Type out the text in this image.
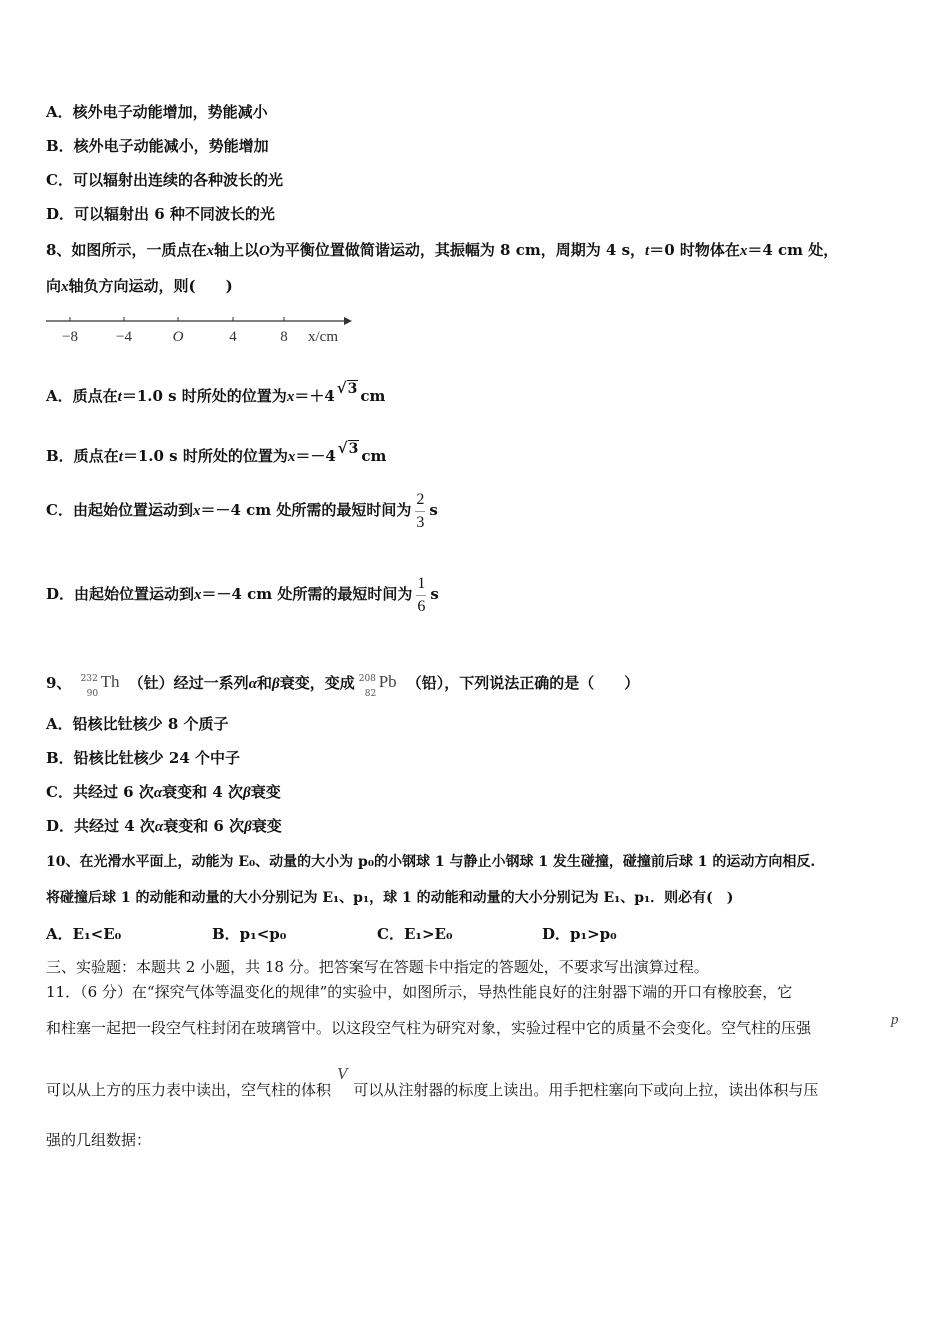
A．核外电子动能增加，势能减小
B．核外电子动能减小，势能增加
C．可以辐射出连续的各种波长的光
D．可以辐射出 6 种不同波长的光
8、如图所示，一质点在x轴上以O为平衡位置做简谐运动，其振幅为 8 cm，周期为 4 s，t＝0 时物体在x＝4 cm 处，
向x轴负方向运动，则(　　)
−8	−4	O	4	8 x/cm
A．质点在t＝1.0 s 时所处的位置为x＝＋4 √3 cm
B．质点在t＝1.0 s 时所处的位置为x＝－4 √3 cm
C．由起始位置运动到x＝－4 cm 处所需的最短时间为 $\frac{2}{3}$ s
D．由起始位置运动到x＝－4 cm 处所需的最短时间为 $\frac{1}{6}$ s
9、 232
90
Th （钍）经过一系列α和β衰变，变成 208
82
Pb （铅），下列说法正确的是（　　）
A．铅核比钍核少 8 个质子
B．铅核比钍核少 24 个中子
C．共经过 6 次α衰变和 4 次β衰变
D．共经过 4 次α衰变和 6 次β衰变
10、在光滑水平面上，动能为 E₀、动量的大小为 p₀的小钢球 1 与静止小钢球 1 发生碰撞，碰撞前后球 1 的运动方向相反.
将碰撞后球 1 的动能和动量的大小分别记为 E₁、p₁，球 1 的动能和动量的大小分别记为 E₁、p₁．则必有(　)
A．E₁<E₀	B．p₁<p₀	C．E₁>E₀	D．p₁>p₀
三、实验题：本题共 2 小题，共 18 分。把答案写在答题卡中指定的答题处，不要求写出演算过程。
11．（6 分）在“探究气体等温变化的规律”的实验中，如图所示，导热性能良好的注射器下端的开口有橡胶套，它
和柱塞一起把一段空气柱封闭在玻璃管中。以这段空气柱为研究对象，实验过程中它的质量不会变化。空气柱的压强	p
可以从上方的压力表中读出，空气柱的体积V可以从注射器的标度上读出。用手把柱塞向下或向上拉，读出体积与压
强的几组数据：
